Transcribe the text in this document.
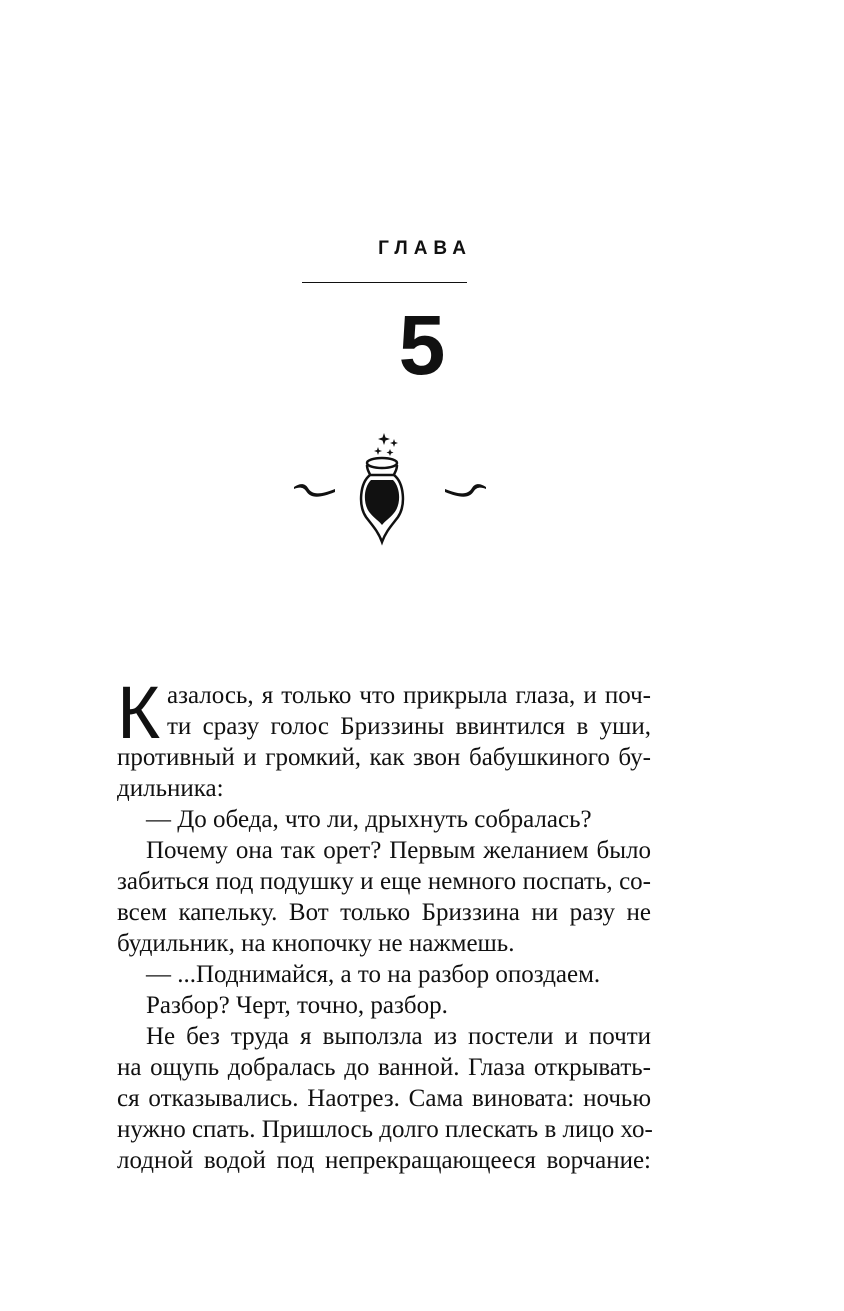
ГЛАВА
5
К азалось, я только что прикрыла глаза, и поч-
ти сразу голос Бриззины ввинтился в уши,
противный и громкий, как звон бабушкиного бу-
дильника:
— До обеда, что ли, дрыхнуть собралась?
Почему она так орет? Первым желанием было
забиться под подушку и еще немного поспать, со-
всем капельку. Вот только Бриззина ни разу не
будильник, на кнопочку не нажмешь.
— ...Поднимайся, а то на разбор опоздаем.
Разбор? Черт, точно, разбор.
Не без труда я выползла из постели и почти
на ощупь добралась до ванной. Глаза открывать-
ся отказывались. Наотрез. Сама виновата: ночью
нужно спать. Пришлось долго плескать в лицо хо-
лодной водой под непрекращающееся ворчание:
